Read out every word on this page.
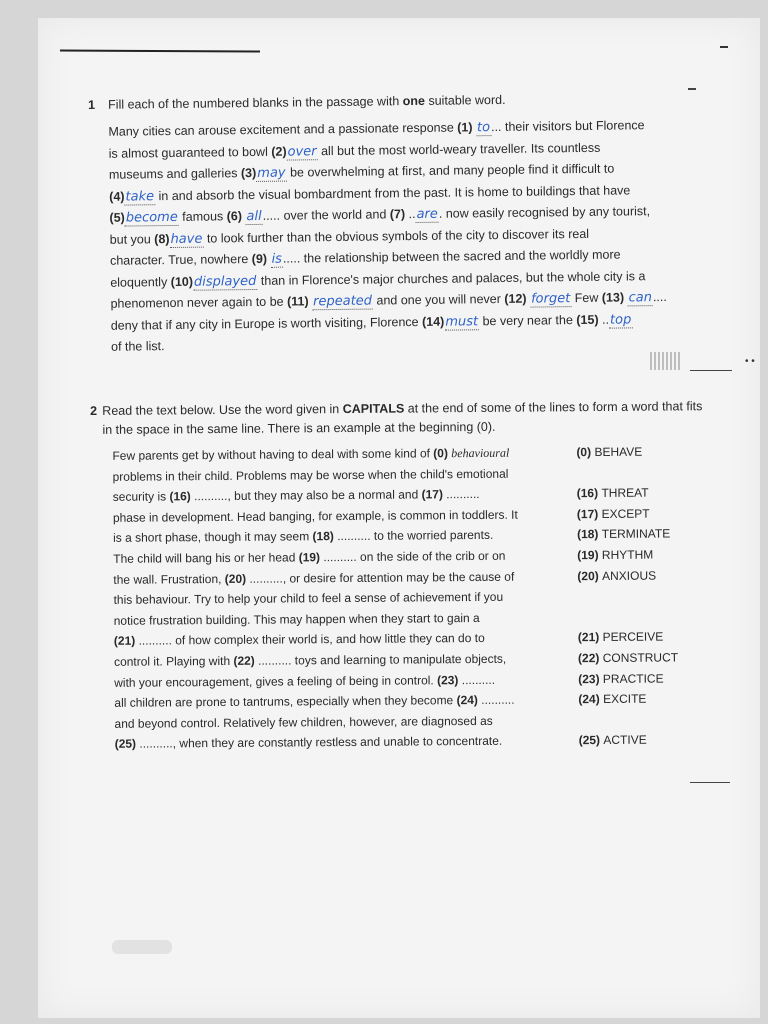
• •
1	Fill each of the numbered blanks in the passage with one suitable word.
Many cities can arouse excitement and a passionate response (1) to... their visitors but Florence
is almost guaranteed to bowl (2)over all but the most world-weary traveller. Its countless
museums and galleries (3)may be overwhelming at first, and many people find it difficult to
(4)take in and absorb the visual bombardment from the past. It is home to buildings that have
(5)become famous (6) all..... over the world and (7) ..are. now easily recognised by any tourist,
but you (8)have to look further than the obvious symbols of the city to discover its real
character. True, nowhere (9) is..... the relationship between the sacred and the worldly more
eloquently (10)displayed than in Florence's major churches and palaces, but the whole city is a
phenomenon never again to be (11) repeated and one you will never (12) forget Few (13) can....
deny that if any city in Europe is worth visiting, Florence (14)must be very near the (15) ..top
of the list.
2 Read the text below. Use the word given in CAPITALS at the end of some of the lines to form a word that fits in the space in the same line. There is an example at the beginning (0).
Few parents get by without having to deal with some kind of (0) behavioural	(0) BEHAVE
problems in their child. Problems may be worse when the child's emotional
security is (16) .........., but they may also be a normal and (17) ..........	(16) THREAT
phase in development. Head banging, for example, is common in toddlers. It	(17) EXCEPT
is a short phase, though it may seem (18) .......... to the worried parents.	(18) TERMINATE
The child will bang his or her head (19) .......... on the side of the crib or on	(19) RHYTHM
the wall. Frustration, (20) .........., or desire for attention may be the cause of	(20) ANXIOUS
this behaviour. Try to help your child to feel a sense of achievement if you
notice frustration building. This may happen when they start to gain a
(21) .......... of how complex their world is, and how little they can do to	(21) PERCEIVE
control it. Playing with (22) .......... toys and learning to manipulate objects,	(22) CONSTRUCT
with your encouragement, gives a feeling of being in control. (23) ..........	(23) PRACTICE
all children are prone to tantrums, especially when they become (24) ..........	(24) EXCITE
and beyond control. Relatively few children, however, are diagnosed as
(25) .........., when they are constantly restless and unable to concentrate.	(25) ACTIVE
